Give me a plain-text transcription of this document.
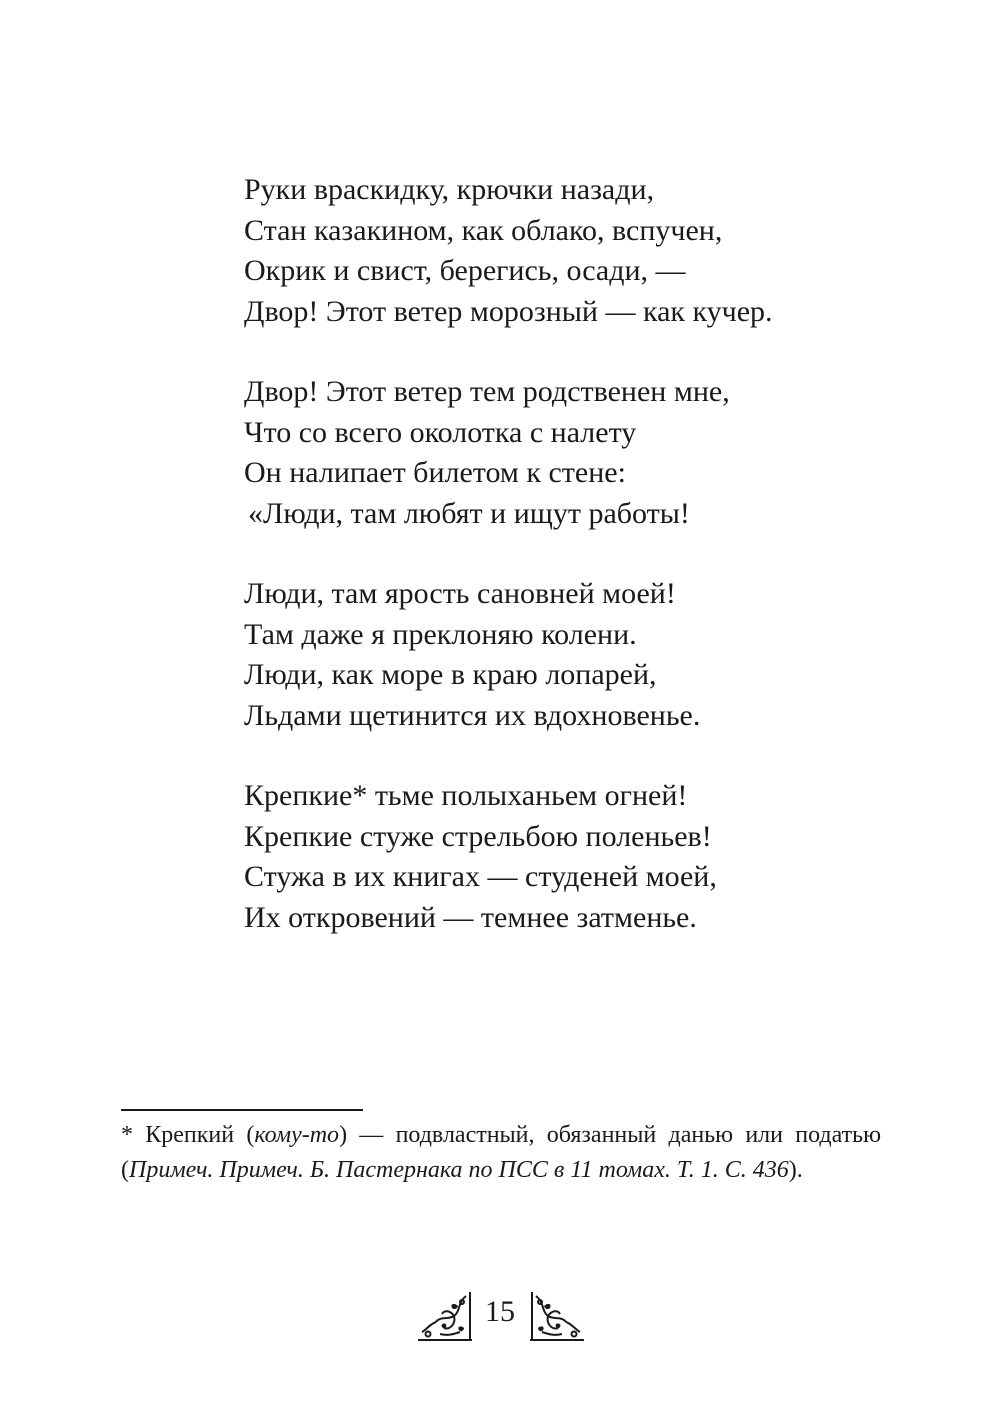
Руки враскидку, крючки назади,
Стан казакином, как облако, вспучен,
Окрик и свист, берегись, осади, —
Двор! Этот ветер морозный — как кучер.
Двор! Этот ветер тем родственен мне,
Что со всего околотка с налету
Он налипает билетом к стене:
«Люди, там любят и ищут работы!
Люди, там ярость сановней моей!
Там даже я преклоняю колени.
Люди, как море в краю лопарей,
Льдами щетинится их вдохновенье.
Крепкие* тьме полыханьем огней!
Крепкие стуже стрельбою поленьев!
Стужа в их книгах — студеней моей,
Их откровений — темнее затменье.
* Крепкий (кому-то) — подвластный, обязанный данью или податью (Примеч. Примеч. Б. Пастернака по ПСС в 11 томах. Т. 1. С. 436).
15
